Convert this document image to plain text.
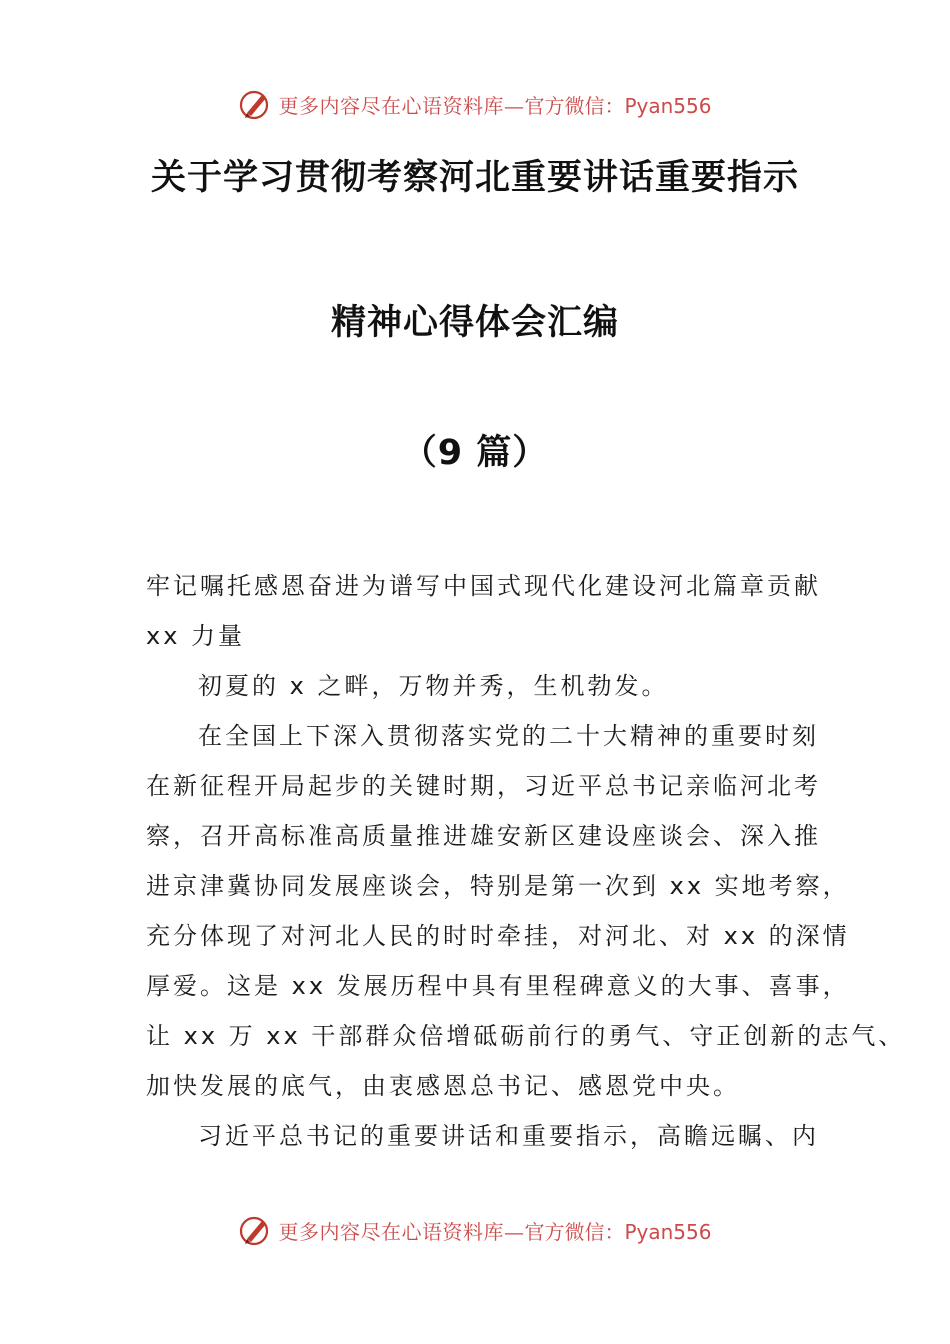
更多内容尽在心语资料库— 官方微信：Pyan556
关于学习贯彻考察河北重要讲话重要指示
精神心得体会汇编
（9 篇）
牢记嘱托感恩奋进为谱写中国式现代化建设河北篇章贡献
xx 力量
初夏的 x 之畔，万物并秀，生机勃发。
在全国上下深入贯彻落实党的二十大精神的重要时刻
在新征程开局起步的关键时期，习近平总书记亲临河北考
察，召开高标准高质量推进雄安新区建设座谈会、深入推
进京津冀协同发展座谈会，特别是第一次到 xx 实地考察，
充分体现了对河北人民的时时牵挂，对河北、对 xx 的深情
厚爱。这是 xx 发展历程中具有里程碑意义的大事、喜事，
让 xx 万 xx 干部群众倍增砥砺前行的勇气、守正创新的志气、
加快发展的底气，由衷感恩总书记、感恩党中央。
习近平总书记的重要讲话和重要指示，高瞻远瞩、内
更多内容尽在心语资料库— 官方微信：Pyan556
